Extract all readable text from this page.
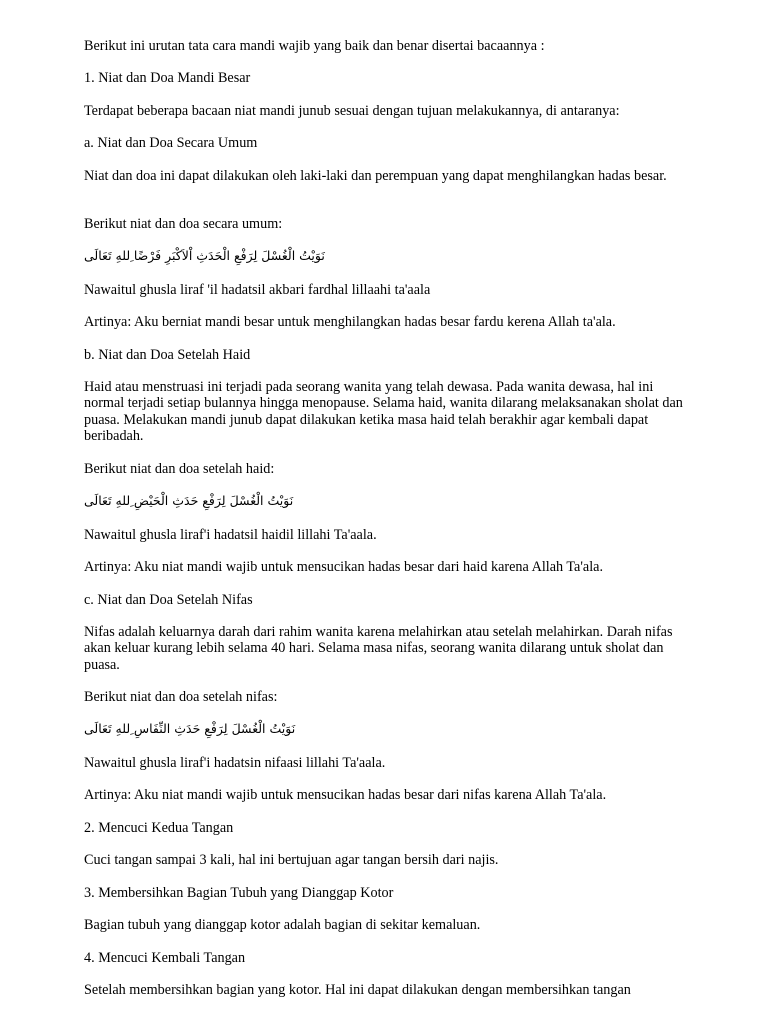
Berikut ini urutan tata cara mandi wajib yang baik dan benar disertai bacaannya :

1. Niat dan Doa Mandi Besar

Terdapat beberapa bacaan niat mandi junub sesuai dengan tujuan melakukannya, di antaranya:

a. Niat dan Doa Secara Umum

Niat dan doa ini dapat dilakukan oleh laki-laki dan perempuan yang dapat menghilangkan hadas besar.

Berikut niat dan doa secara umum:

نَوَيْتُ الْغُسْلَ لِرَفْعِ الْحَدَثِ اْلاَكْبَرِ فَرْضًا ِللهِ تَعَالَى

Nawaitul ghusla liraf 'il hadatsil akbari fardhal lillaahi ta'aala

Artinya: Aku berniat mandi besar untuk menghilangkan hadas besar fardu kerena Allah ta'ala.

b. Niat dan Doa Setelah Haid

Haid atau menstruasi ini terjadi pada seorang wanita yang telah dewasa. Pada wanita dewasa, hal ini normal terjadi setiap bulannya hingga menopause. Selama haid, wanita dilarang melaksanakan sholat dan puasa. Melakukan mandi junub dapat dilakukan ketika masa haid telah berakhir agar kembali dapat beribadah.

Berikut niat dan doa setelah haid:

نَوَيْتُ الْغُسْلَ لِرَفْعِ حَدَثِ الْحَيْضِ ِللهِ تَعَالَى

Nawaitul ghusla liraf'i hadatsil haidil lillahi Ta'aala.

Artinya: Aku niat mandi wajib untuk mensucikan hadas besar dari haid karena Allah Ta'ala.

c. Niat dan Doa Setelah Nifas

Nifas adalah keluarnya darah dari rahim wanita karena melahirkan atau setelah melahirkan. Darah nifas akan keluar kurang lebih selama 40 hari. Selama masa nifas, seorang wanita dilarang untuk sholat dan puasa.

Berikut niat dan doa setelah nifas:

نَوَيْتُ الْغُسْلَ لِرَفْعِ حَدَثِ النِّفَاسِ ِللهِ تَعَالَى

Nawaitul ghusla liraf'i hadatsin nifaasi lillahi Ta'aala.

Artinya: Aku niat mandi wajib untuk mensucikan hadas besar dari nifas karena Allah Ta'ala.

2. Mencuci Kedua Tangan

Cuci tangan sampai 3 kali, hal ini bertujuan agar tangan bersih dari najis.

3. Membersihkan Bagian Tubuh yang Dianggap Kotor

Bagian tubuh yang dianggap kotor adalah bagian di sekitar kemaluan.

4. Mencuci Kembali Tangan

Setelah membersihkan bagian yang kotor. Hal ini dapat dilakukan dengan membersihkan tangan
